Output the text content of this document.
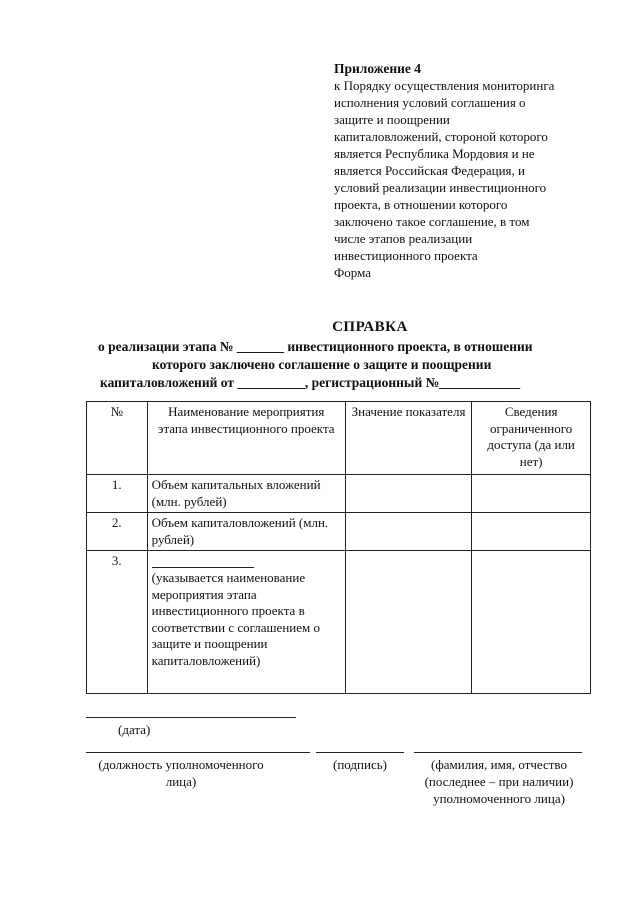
Приложение 4
к Порядку осуществления мониторинга
исполнения условий соглашения о
защите и поощрении
капиталовложений, стороной которого
является Республика Мордовия и не
является Российская Федерация, и
условий реализации инвестиционного
проекта, в отношении которого
заключено такое соглашение, в том
числе этапов реализации
инвестиционного проекта
Форма
СПРАВКА
о реализации этапа № _______ инвестиционного проекта, в отношении
которого заключено соглашение о защите и поощрении
капиталовложений от __________, регистрационный №____________
№	Наименование мероприятия этапа инвестиционного проекта	Значение показателя	Сведения ограниченного доступа (да или нет)
1.	Объем капитальных вложений (млн. рублей)		
2.	Объем капиталовложений (млн. рублей)		
3.	(указывается наименование мероприятия этапа инвестиционного проекта в соответствии с соглашением о защите и поощрении капиталовложений)		
(дата)
(должность уполномоченного лица)
(подпись)	(фамилия, имя, отчество (последнее – при наличии) уполномоченного лица)
